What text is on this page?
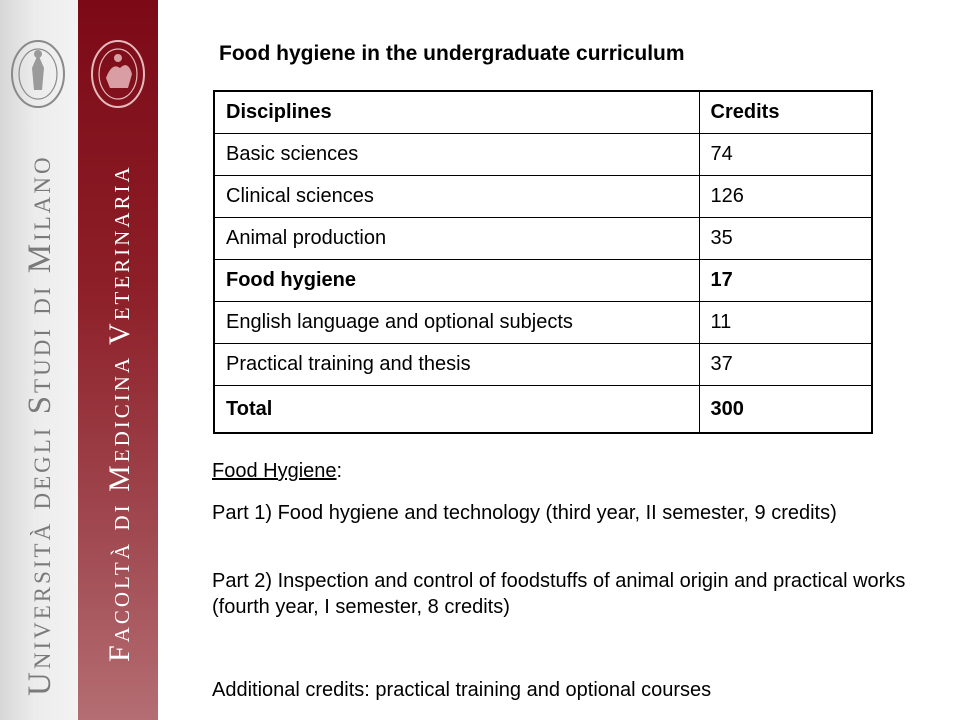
Università degli Studi di Milano Facoltà di Medicina Veterinaria
Food hygiene in the undergraduate curriculum
Disciplines	Credits
Basic sciences	74
Clinical sciences	126
Animal production	35
Food hygiene	17
English language and optional subjects	11
Practical training and thesis	37
Total	300
Food Hygiene:
Part 1) Food hygiene and technology (third year, II semester, 9 credits)
Part 2) Inspection and control of foodstuffs of animal origin and practical works (fourth year, I semester, 8 credits)
Additional credits: practical training and optional courses
